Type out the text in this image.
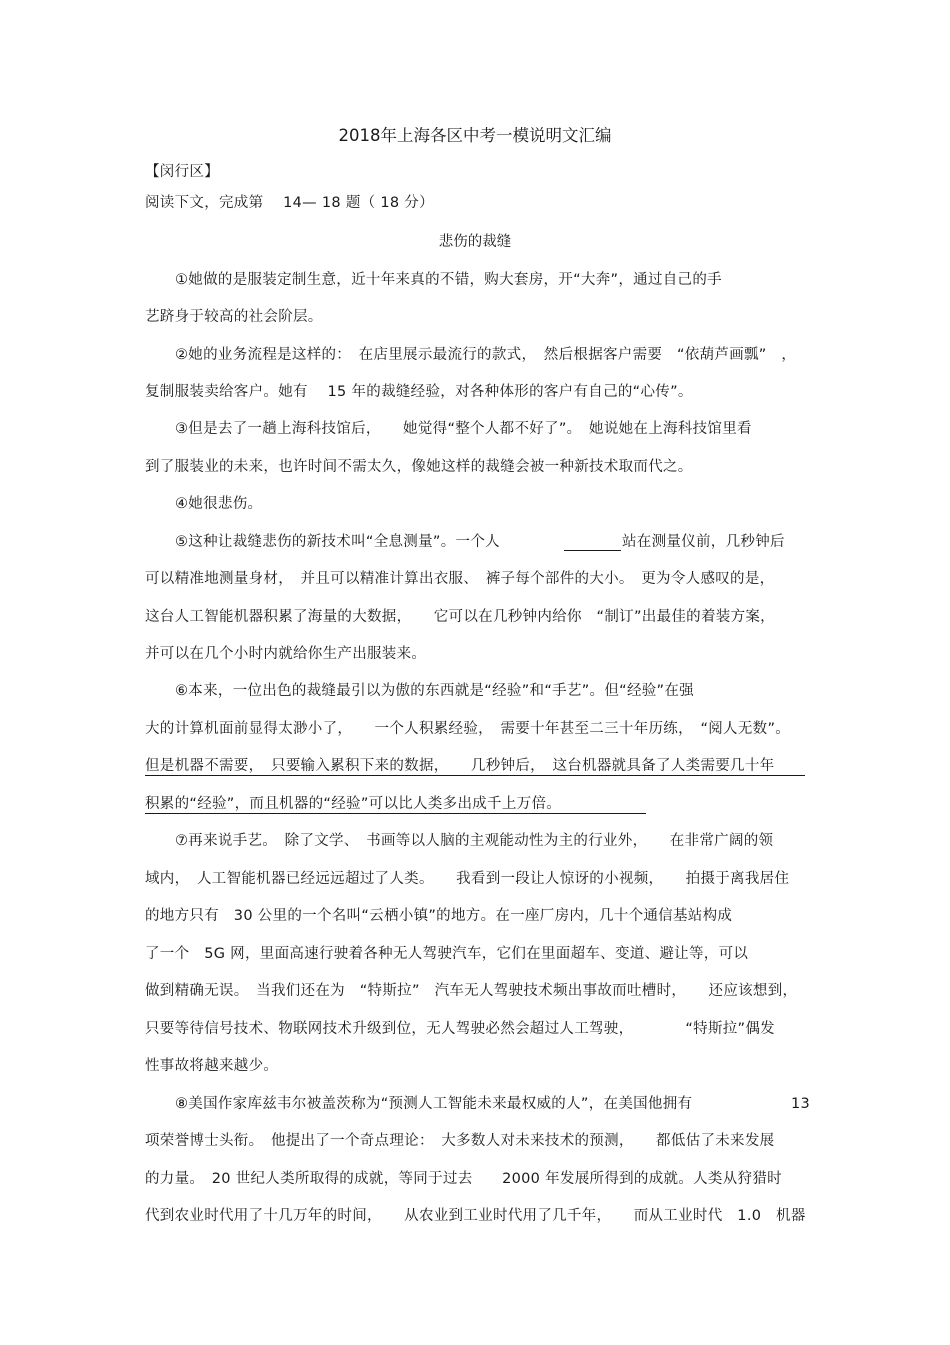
2018年上海各区中考一模说明文汇编
【闵行区】
阅读下文，完成第　 14— 18 题（ 18 分）
悲伤的裁缝
①她做的是服装定制生意，近十年来真的不错，购大套房，开“大奔”，通过自己的手
艺跻身于较高的社会阶层。
②她的业务流程是这样的：　在店里展示最流行的款式，　然后根据客户需要　“依葫芦画瓢”　，
复制服装卖给客户。她有　 15 年的裁缝经验，对各种体形的客户有自己的“心传”。
③但是去了一趟上海科技馆后，　　她觉得“整个人都不好了”。　她说她在上海科技馆里看
到了服装业的未来，也许时间不需太久，像她这样的裁缝会被一种新技术取而代之。
④她很悲伤。
⑤这种让裁缝悲伤的新技术叫“全息测量”。一个人	站在测量仪前，几秒钟后
可以精准地测量身材，　并且可以精准计算出衣服、　裤子每个部件的大小。　更为令人感叹的是，
这台人工智能机器积累了海量的大数据，　　它可以在几秒钟内给你　“制订”出最佳的着装方案，
并可以在几个小时内就给你生产出服装来。
⑥本来，一位出色的裁缝最引以为傲的东西就是“经验”和“手艺”。但“经验”在强
大的计算机面前显得太渺小了，　　一个人积累经验，　需要十年甚至二三十年历练，　“阅人无数”。
但是机器不需要，　只要输入累积下来的数据，　　几秒钟后，　这台机器就具备了人类需要几十年
积累的“经验”，而且机器的“经验”可以比人类多出成千上万倍。
⑦再来说手艺。　除了文学、　书画等以人脑的主观能动性为主的行业外，　　在非常广阔的领
域内，　人工智能机器已经远远超过了人类。　　我看到一段让人惊讶的小视频，　　拍摄于离我居住
的地方只有　30 公里的一个名叫“云栖小镇”的地方。在一座厂房内，几十个通信基站构成
了一个　5G 网，里面高速行驶着各种无人驾驶汽车，它们在里面超车、变道、避让等，可以
做到精确无误。　当我们还在为　“特斯拉”　汽车无人驾驶技术频出事故而吐槽时，　　还应该想到，
只要等待信号技术、物联网技术升级到位，无人驾驶必然会超过人工驾驶，　　　　“特斯拉”偶发
性事故将越来越少。
⑧美国作家库兹韦尔被盖茨称为“预测人工智能未来最权威的人”，在美国他拥有	13
项荣誉博士头衔。　他提出了一个奇点理论：　大多数人对未来技术的预测，　　都低估了未来发展
的力量。　20 世纪人类所取得的成就，等同于过去　　2000 年发展所得到的成就。人类从狩猎时
代到农业时代用了十几万年的时间，　　从农业到工业时代用了几千年，　　而从工业时代　1.0　机器
